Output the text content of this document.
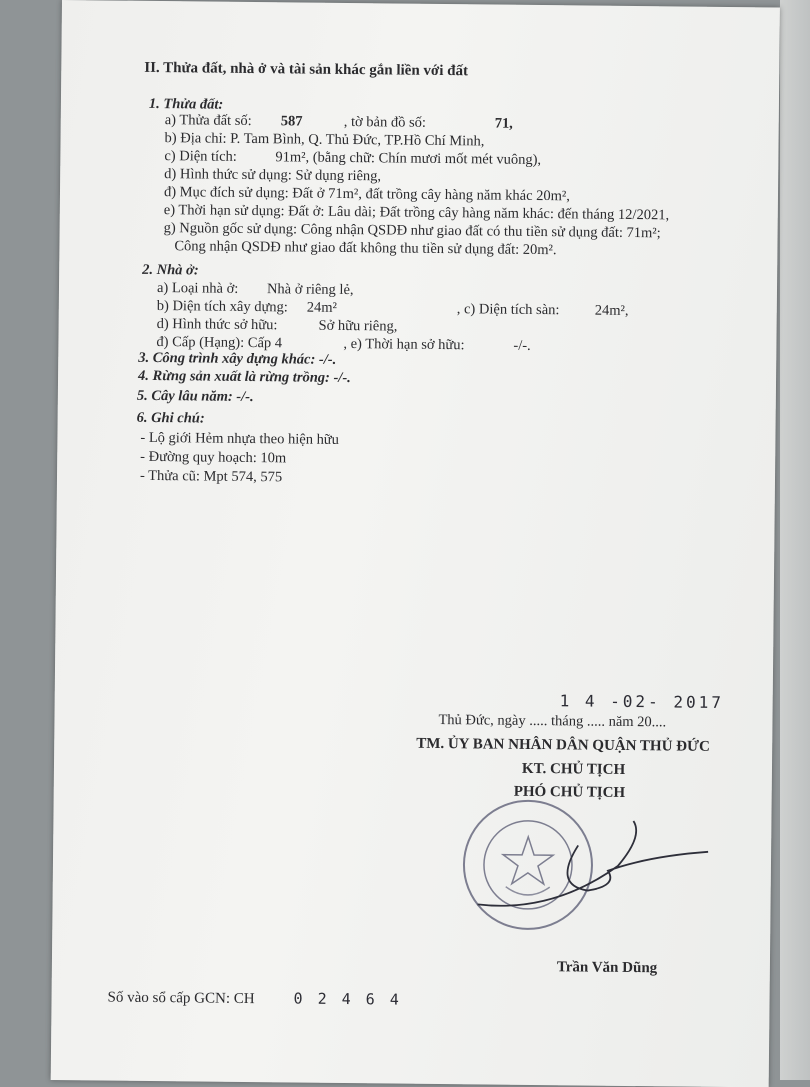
II. Thửa đất, nhà ở và tài sản khác gắn liền với đất
1. Thửa đất:
a) Thửa đất số: 587	, tờ bản đồ số:	71,
b) Địa chỉ: P. Tam Bình, Q. Thủ Đức, TP.Hồ Chí Minh,
c) Diện tích:	91m², (bằng chữ: Chín mươi mốt mét vuông),
d) Hình thức sử dụng: Sử dụng riêng,
đ) Mục đích sử dụng: Đất ở 71m², đất trồng cây hàng năm khác 20m²,
e) Thời hạn sử dụng: Đất ở: Lâu dài; Đất trồng cây hàng năm khác: đến tháng 12/2021,
g) Nguồn gốc sử dụng: Công nhận QSDĐ như giao đất có thu tiền sử dụng đất: 71m²;
Công nhận QSDĐ như giao đất không thu tiền sử dụng đất: 20m².
2. Nhà ở:
a) Loại nhà ở: Nhà ở riêng lẻ,
b) Diện tích xây dựng: 24m²	, c) Diện tích sàn: 24m²,
d) Hình thức sở hữu:	Sở hữu riêng,
đ) Cấp (Hạng): Cấp 4	, e) Thời hạn sở hữu:	-/-.
3. Công trình xây dựng khác: -/-.
4. Rừng sản xuất là rừng trồng: -/-.
5. Cây lâu năm: -/-.
6. Ghi chú:
- Lộ giới Hẻm nhựa theo hiện hữu
- Đường quy hoạch: 10m
- Thửa cũ: Mpt 574, 575
1 4 -02- 2017
Thủ Đức, ngày ..... tháng ..... năm 20....
TM. ỦY BAN NHÂN DÂN QUẬN THỦ ĐỨC
KT. CHỦ TỊCH
PHÓ CHỦ TỊCH
Trần Văn Dũng
Số vào sổ cấp GCN: CH	0 2 4 6 4
